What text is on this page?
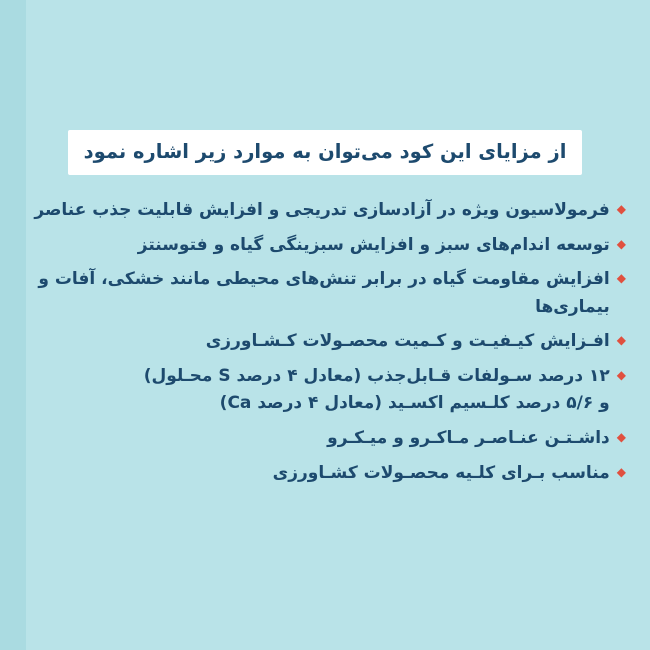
از مزایای این کود می‌توان به موارد زیر اشاره نمود
◆
فرمولاسیون ویژه در آزادسازی تدریجی و افزایش قابلیت جذب عناصر
◆
توسعه اندام‌های سبز و افزایش سبزینگی گیاه و فتوسنتز
◆
افزایش مقاومت گیاه در برابر تنش‌های محیطی مانند خشکی، آفات و بیماری‌ها
◆
افـزایش کیـفیـت و کـمیت محصـولات کـشـاورزی
◆
۱۲ درصد سـولفات قـابل‌جذب (معادل ۴ درصد S محـلول)
و ۵/۶ درصد کلـسیم اکسـید (معادل ۴ درصد Ca)
◆
داشـتـن عنـاصـر مـاکـرو و میـکـرو
◆
مناسب بـرای کلـیه محصـولات کشـاورزی
